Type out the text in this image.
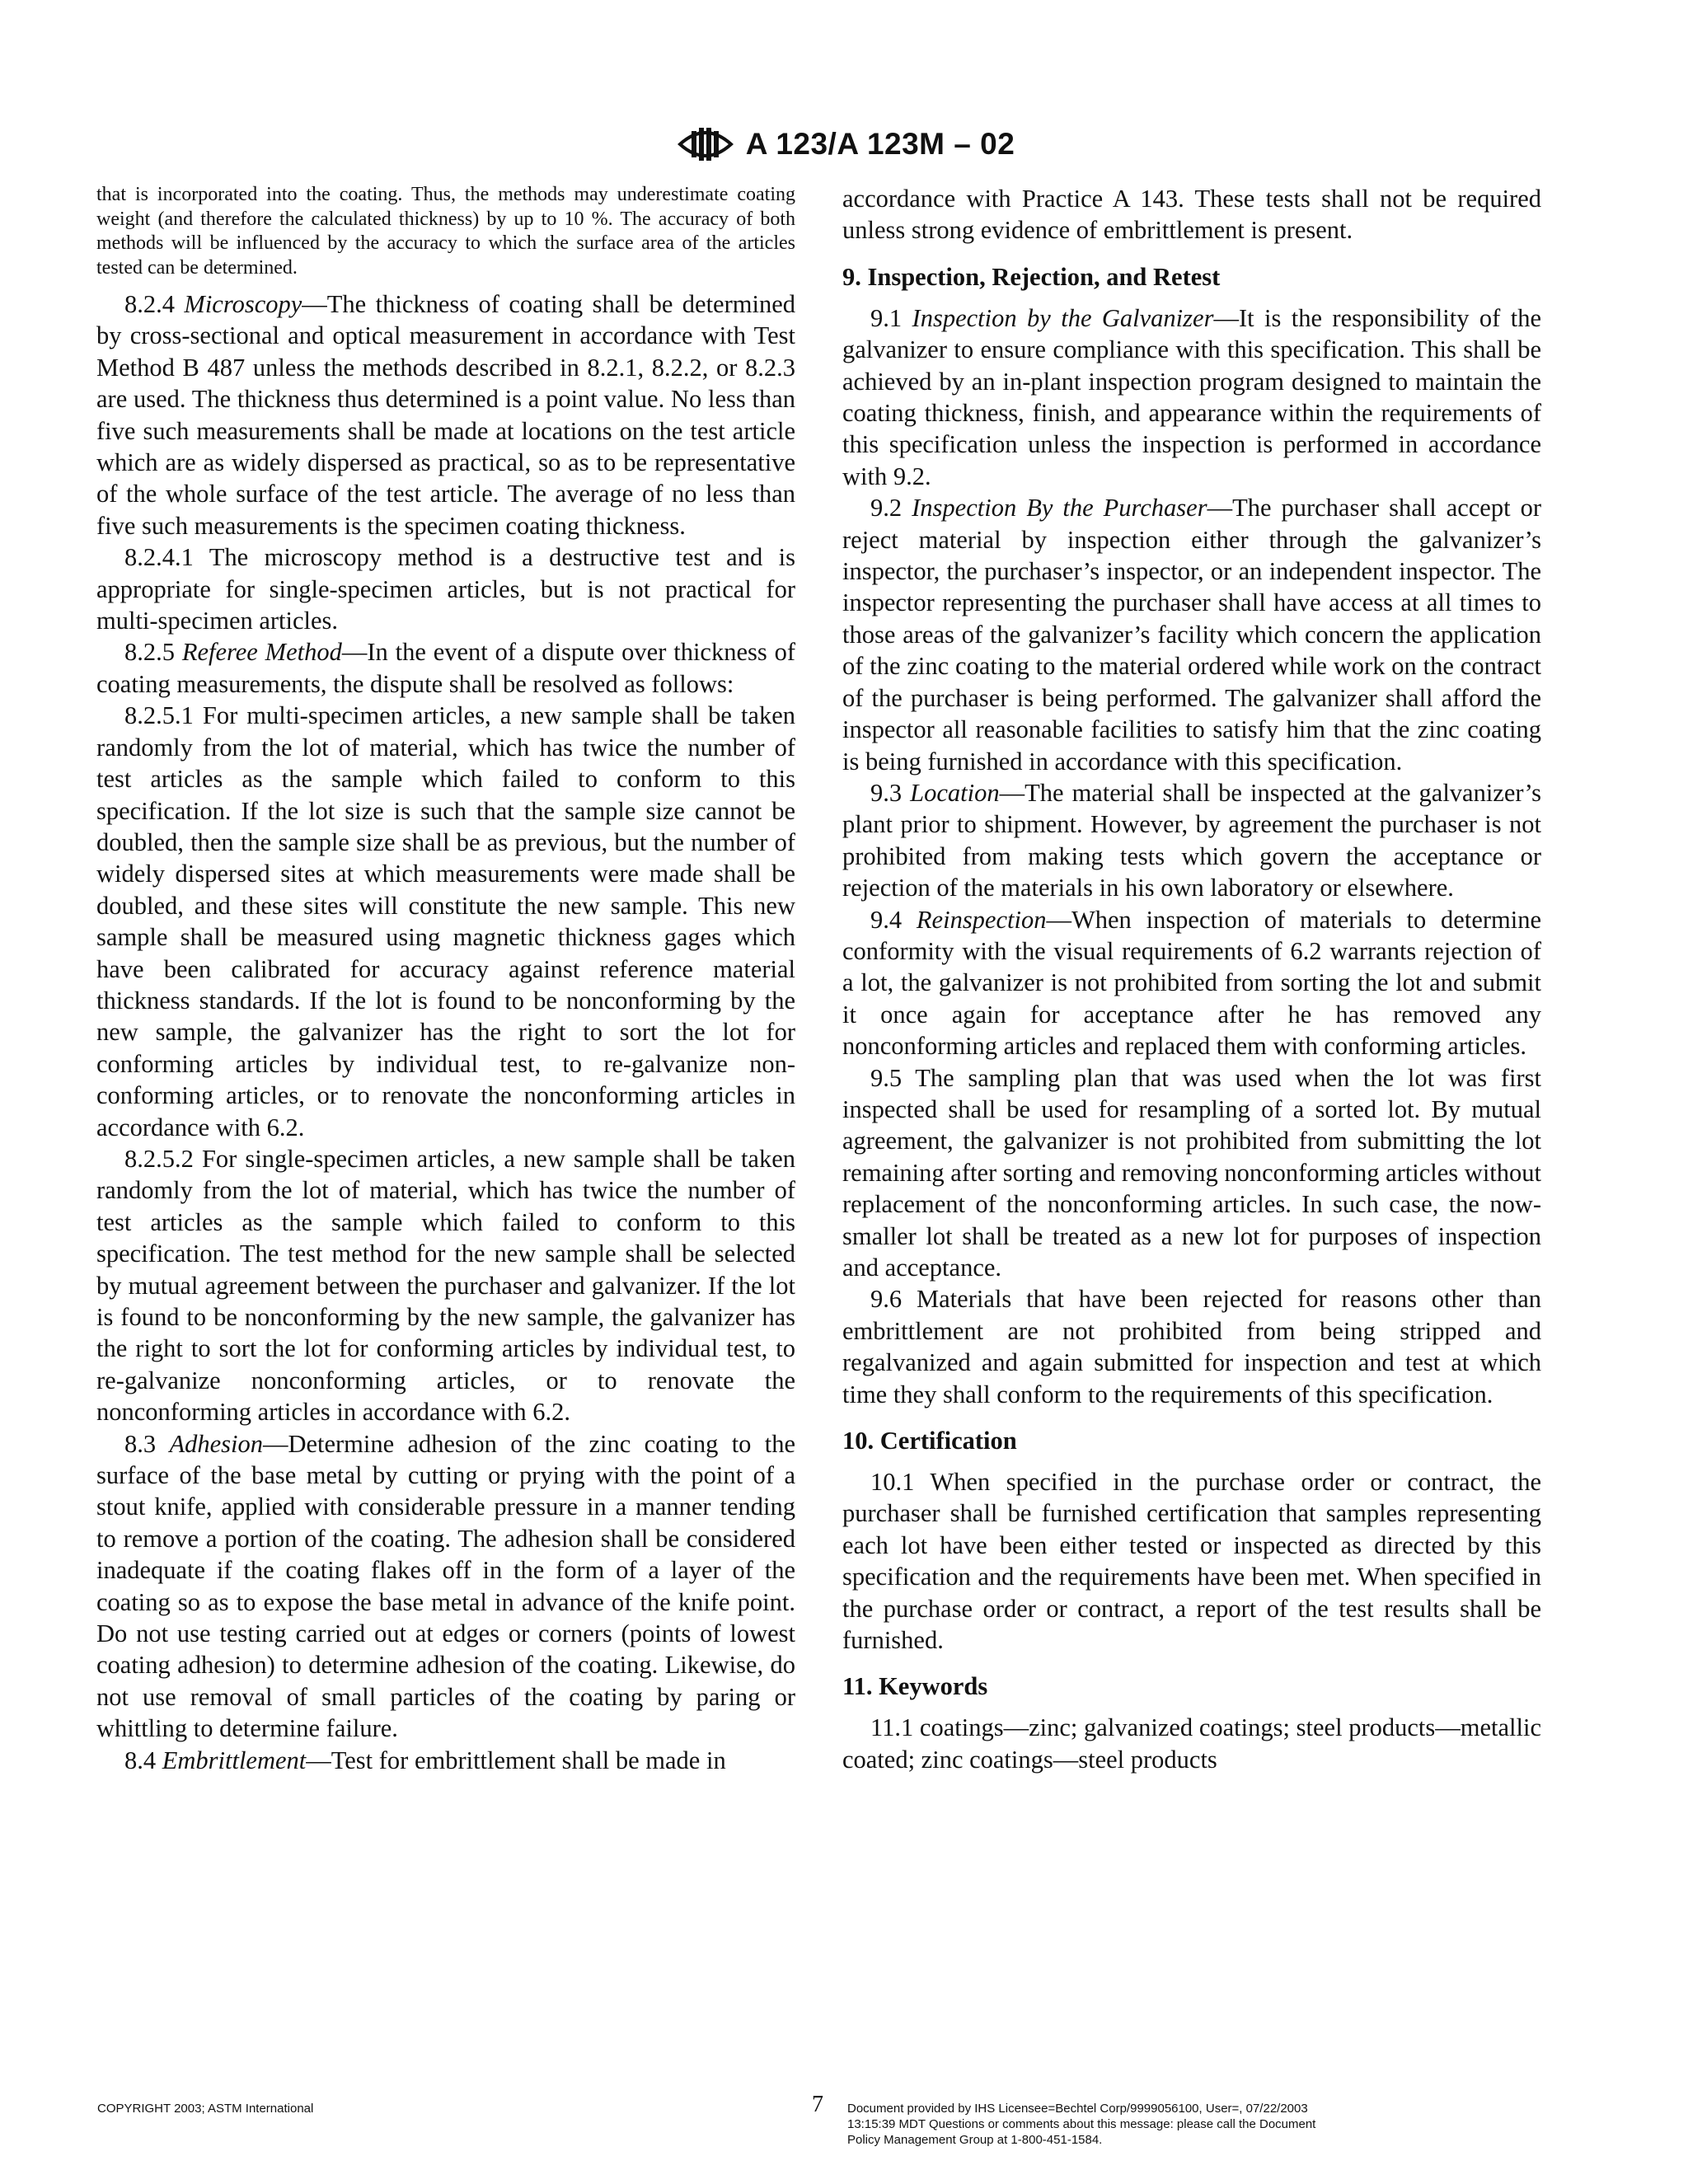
A 123/A 123M – 02

that is incorporated into the coating. Thus, the methods may underestimate coating weight (and therefore the calculated thickness) by up to 10 %. The accuracy of both methods will be influenced by the accuracy to which the surface area of the articles tested can be determined.

8.2.4 Microscopy—The thickness of coating shall be determined by cross-sectional and optical measurement in accordance with Test Method B 487 unless the methods described in 8.2.1, 8.2.2, or 8.2.3 are used. The thickness thus determined is a point value. No less than five such measurements shall be made at locations on the test article which are as widely dispersed as practical, so as to be representative of the whole surface of the test article. The average of no less than five such measurements is the specimen coating thickness.

8.2.4.1 The microscopy method is a destructive test and is appropriate for single-specimen articles, but is not practical for multi-specimen articles.

8.2.5 Referee Method—In the event of a dispute over thickness of coating measurements, the dispute shall be resolved as follows:

8.2.5.1 For multi-specimen articles, a new sample shall be taken randomly from the lot of material, which has twice the number of test articles as the sample which failed to conform to this specification. If the lot size is such that the sample size cannot be doubled, then the sample size shall be as previous, but the number of widely dispersed sites at which measurements were made shall be doubled, and these sites will constitute the new sample. This new sample shall be measured using magnetic thickness gages which have been calibrated for accuracy against reference material thickness standards. If the lot is found to be nonconforming by the new sample, the galvanizer has the right to sort the lot for conforming articles by individual test, to re-galvanize non-conforming articles, or to renovate the nonconforming articles in accordance with 6.2.

8.2.5.2 For single-specimen articles, a new sample shall be taken randomly from the lot of material, which has twice the number of test articles as the sample which failed to conform to this specification. The test method for the new sample shall be selected by mutual agreement between the purchaser and galvanizer. If the lot is found to be nonconforming by the new sample, the galvanizer has the right to sort the lot for conforming articles by individual test, to re-galvanize nonconforming articles, or to renovate the nonconforming articles in accordance with 6.2.

8.3 Adhesion—Determine adhesion of the zinc coating to the surface of the base metal by cutting or prying with the point of a stout knife, applied with considerable pressure in a manner tending to remove a portion of the coating. The adhesion shall be considered inadequate if the coating flakes off in the form of a layer of the coating so as to expose the base metal in advance of the knife point. Do not use testing carried out at edges or corners (points of lowest coating adhesion) to determine adhesion of the coating. Likewise, do not use removal of small particles of the coating by paring or whittling to determine failure.

8.4 Embrittlement—Test for embrittlement shall be made in

accordance with Practice A 143. These tests shall not be required unless strong evidence of embrittlement is present.

9. Inspection, Rejection, and Retest

9.1 Inspection by the Galvanizer—It is the responsibility of the galvanizer to ensure compliance with this specification. This shall be achieved by an in-plant inspection program designed to maintain the coating thickness, finish, and appearance within the requirements of this specification unless the inspection is performed in accordance with 9.2.

9.2 Inspection By the Purchaser—The purchaser shall accept or reject material by inspection either through the galvanizer’s inspector, the purchaser’s inspector, or an independent inspector. The inspector representing the purchaser shall have access at all times to those areas of the galvanizer’s facility which concern the application of the zinc coating to the material ordered while work on the contract of the purchaser is being performed. The galvanizer shall afford the inspector all reasonable facilities to satisfy him that the zinc coating is being furnished in accordance with this specification.

9.3 Location—The material shall be inspected at the galvanizer’s plant prior to shipment. However, by agreement the purchaser is not prohibited from making tests which govern the acceptance or rejection of the materials in his own laboratory or elsewhere.

9.4 Reinspection—When inspection of materials to determine conformity with the visual requirements of 6.2 warrants rejection of a lot, the galvanizer is not prohibited from sorting the lot and submit it once again for acceptance after he has removed any nonconforming articles and replaced them with conforming articles.

9.5 The sampling plan that was used when the lot was first inspected shall be used for resampling of a sorted lot. By mutual agreement, the galvanizer is not prohibited from submitting the lot remaining after sorting and removing nonconforming articles without replacement of the nonconforming articles. In such case, the now-smaller lot shall be treated as a new lot for purposes of inspection and acceptance.

9.6 Materials that have been rejected for reasons other than embrittlement are not prohibited from being stripped and regalvanized and again submitted for inspection and test at which time they shall conform to the requirements of this specification.

10. Certification

10.1 When specified in the purchase order or contract, the purchaser shall be furnished certification that samples representing each lot have been either tested or inspected as directed by this specification and the requirements have been met. When specified in the purchase order or contract, a report of the test results shall be furnished.

11. Keywords

11.1 coatings—zinc; galvanized coatings; steel products—metallic coated; zinc coatings—steel products

COPYRIGHT 2003; ASTM International	7 Document provided by IHS Licensee=Bechtel Corp/9999056100, User=, 07/22/2003
13:15:39 MDT Questions or comments about this message: please call the Document
Policy Management Group at 1-800-451-1584.
